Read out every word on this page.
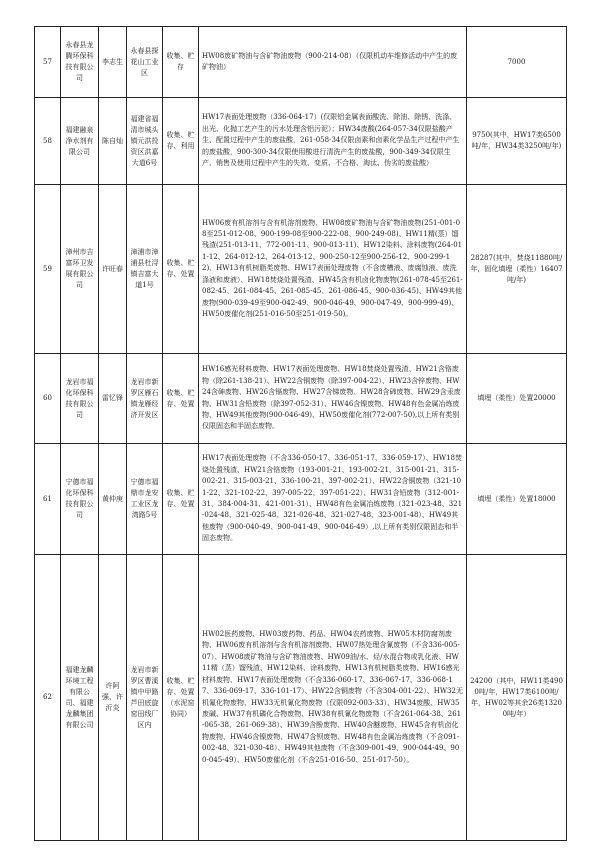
57	永春县龙腾环保科技有限公司	李志生	永春县探花山工业区	收集、贮存	HW08废矿物油与含矿物油废物（900-214-08）（仅限机动车维修活动中产生的废矿物油）	7000
58	福建融泉净水剂有限公司	陈自灿	福建省福清市城头镇元洪投资区洪嘉大道6号	收集、贮存、利用	HW17表面处理废物（336-064-17）(仅限铝金属表面酸洗、除油、除锈、洗涤、出光、化抛工艺产生的污水处理含铝污泥）；HW34废酸(264-057-34仅限盐酸产生、配置过程中产生的废盐酸，261-058-34仅限卤素和卤素化学品生产过程中产生的废盐酸，900-300-34仅限使用酸进行清洗产生的废盐酸，900-349-34仅限生产、销售及使用过程中产生的失效、变质、不合格、淘汰、伪劣的废盐酸）	9750(其中，HW17类6500吨/年，HW34类3250吨/年)
59	漳州市吉富环卫发展有限公司	许旺春	漳浦市漳浦县杜浔镇吉富大道1号	收集、贮存、处置	HW06废有机溶剂与含有机溶剂废物、HW08废矿物油与含矿物油废物(251-001-08至251-012-08、900-199-08至900-222-08、900-249-08)、HW11精(蒸）馏残渣(251-013-11、772-001-11、900-013-11)、HW12染料、涂料废物(264-011-12、264-012-12、264-013-12、900-250-12至900-256-12、900-299-12)、HW13有机树脂类废物、HW17表面处理废物（不含废槽液、废腐蚀液、废洗涤液和废液）、HW18焚烧处置残渣、HW45含有机卤化物废物(261-078-45至261-082-45、261-084-45、261-085-45、261-086-45、900-036-45)、HW49其他废物(900-039-49至900-042-49、900-046-49、900-047-49、900-999-49)、HW50废催化剂(251-016-50至251-019-50)。	28287(其中，焚烧11880吨/年，固化填埋（柔性）16407吨/年)
60	龙岩市福化环保科技有限公司	雷忆锋	龙岩市新罗区雁石镇龙雁经济开发区	收集、贮存、处置	HW16感光材料废物、HW17表面处理废物、HW18焚烧处置残渣、HW21含铬废物（除261-138-21）、HW22含铜废物（除397-004-22）、HW23含锌废物、HW24含砷废物、HW26含镉废物、HW27含锑废物、HW28含碲废物、HW29含汞废物、HW31含铅废物（除397-052-31）、HW46含镍废物、HW48有色金属冶炼废物、HW49其他废物(900-046-49)、HW50废催化剂(772-007-50),以上所有类别仅限固态和半固态废物。	填埋（柔性）处置20000
61	宁德市福化环保科技有限公司	黄仲庚	宁德市福鼎市龙安工业区龙湾路5号	收集、贮存、处置	HW17表面处理废物（不含336-050-17、336-051-17、336-059-17）、HW18焚烧处置残渣、HW21含铬废物（193-001-21、193-002-21、315-001-21、315-002-21、315-003-21、336-100-21、397-002-21）、HW22含铜废物（321-101-22、321-102-22、397-005-22、397-051-22）、HW31含铅废物（312-001-31、384-004-31、421-001-31）、HW48有色金属冶炼废物（321-023-48、321-024-48、321-025-48、321-026-48、321-027-48、323-001-48）、HW49其他废物（900-040-49、900-041-49、900-046-49）,以上所有类别仅限固态和半固态废物。	填埋（柔性）处置18000
62	福建龙麟环境工程有限公司、福建龙麟集团有限公司	许阿强、许沂炎	龙岩市新罗区曹溪镇中甲路芦田底旋窑田线厂区内	收集、贮存、处置（水泥窑协同）	HW02医药废物、HW03废药物、药品、HW04农药废物、HW05木材防腐剂废物、HW06废有机溶剂与含有机溶剂废物、HW07热处理含氰废物（不含336-005-07）、HW08废矿物油与含矿物油废物、HW09油/水、烃/水混合物或乳化液、HW11精（蒸）馏残渣、HW12染料、涂料废物、HW13有机树脂类废物、HW16感光材料废物、HW17表面处理废物（不含336-060-17、336-067-17、336-068-17、336-069-17、336-101-17）、HW22含铜废物（不含304-001-22）、HW32无机氟化物废物、HW33无机氰化物废物（仅限092-003-33）、HW34废酸、HW35废碱、HW37有机磷化合物废物、HW38有机氰化物废物（不含261-064-38、261-065-38、261-069-38）、HW39含酚废物、HW40含醚废物、HW45含有机卤化物废物、HW46含镍废物、HW47含钡废物、HW48有色金属冶炼废物（不含091-002-48、321-030-48）、HW49其他废物（不含309-001-49、900-044-49、900-045-49）、HW50废催化剂（不含251-016-50、251-017-50）。	24200（其中，HW11类4900吨/年，HW17类6100吨/年，HW02等其余26类13200吨/年）
